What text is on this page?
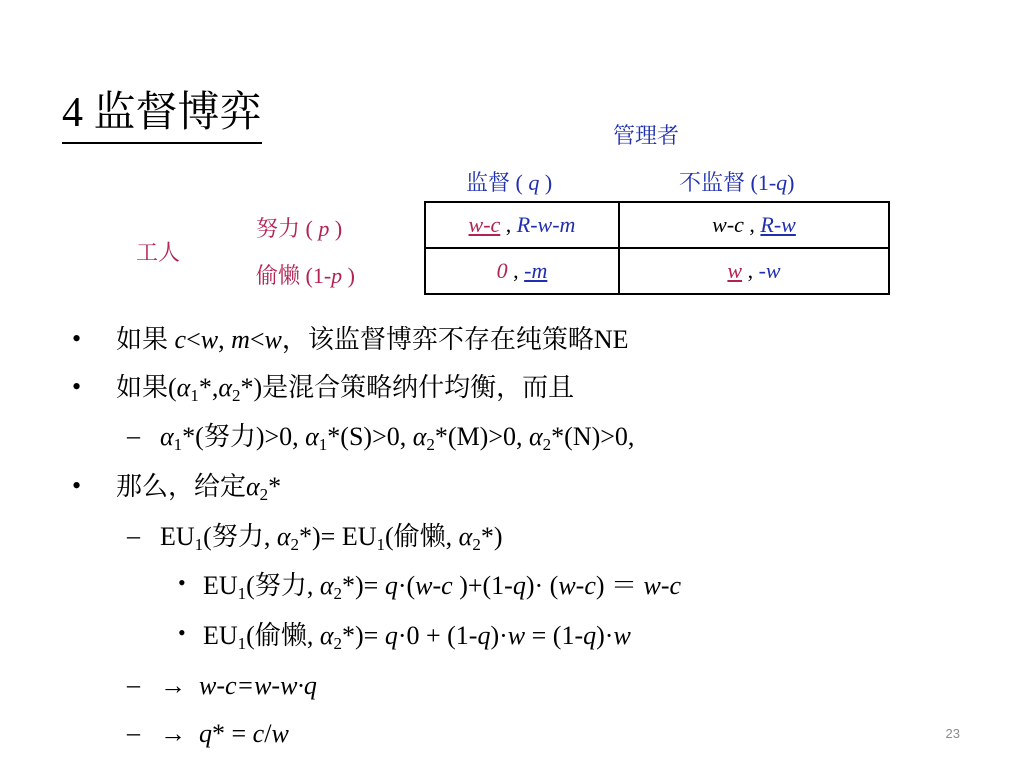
4 监督博弈	管理者
监督 ( q )	不监督 (1-q)
工人
努力 ( p )
偷懒 (1-p )
w-c , R-w-m	w-c , R-w
0 , -m	w , -w
• 如果 c<w, m<w，该监督博弈不存在纯策略NE
• 如果$(\alpha_1*,\alpha_2*)$是混合策略纳什均衡，而且
– $\alpha_1*$(努力)>0, $\alpha_1*(S)>0$, $\alpha_2*(M)>0$, $\alpha_2*(N)>0$,
• 那么，给定$\alpha_2*$
– $EU_1$(努力, $\alpha_2*)= EU_1$(偷懒, $\alpha_2*$)
• $EU_1$(努力, $\alpha_2*)= q\cdot(w-c$ )+(1-q)· (w-c) ＝ w-c
• $EU_1$(偷懒, $\alpha_2*)= q\cdot 0 + (1-q)\cdot w = (1-q)\cdot w$
– → w-c=w-w·q
– → q* = c/w	23
